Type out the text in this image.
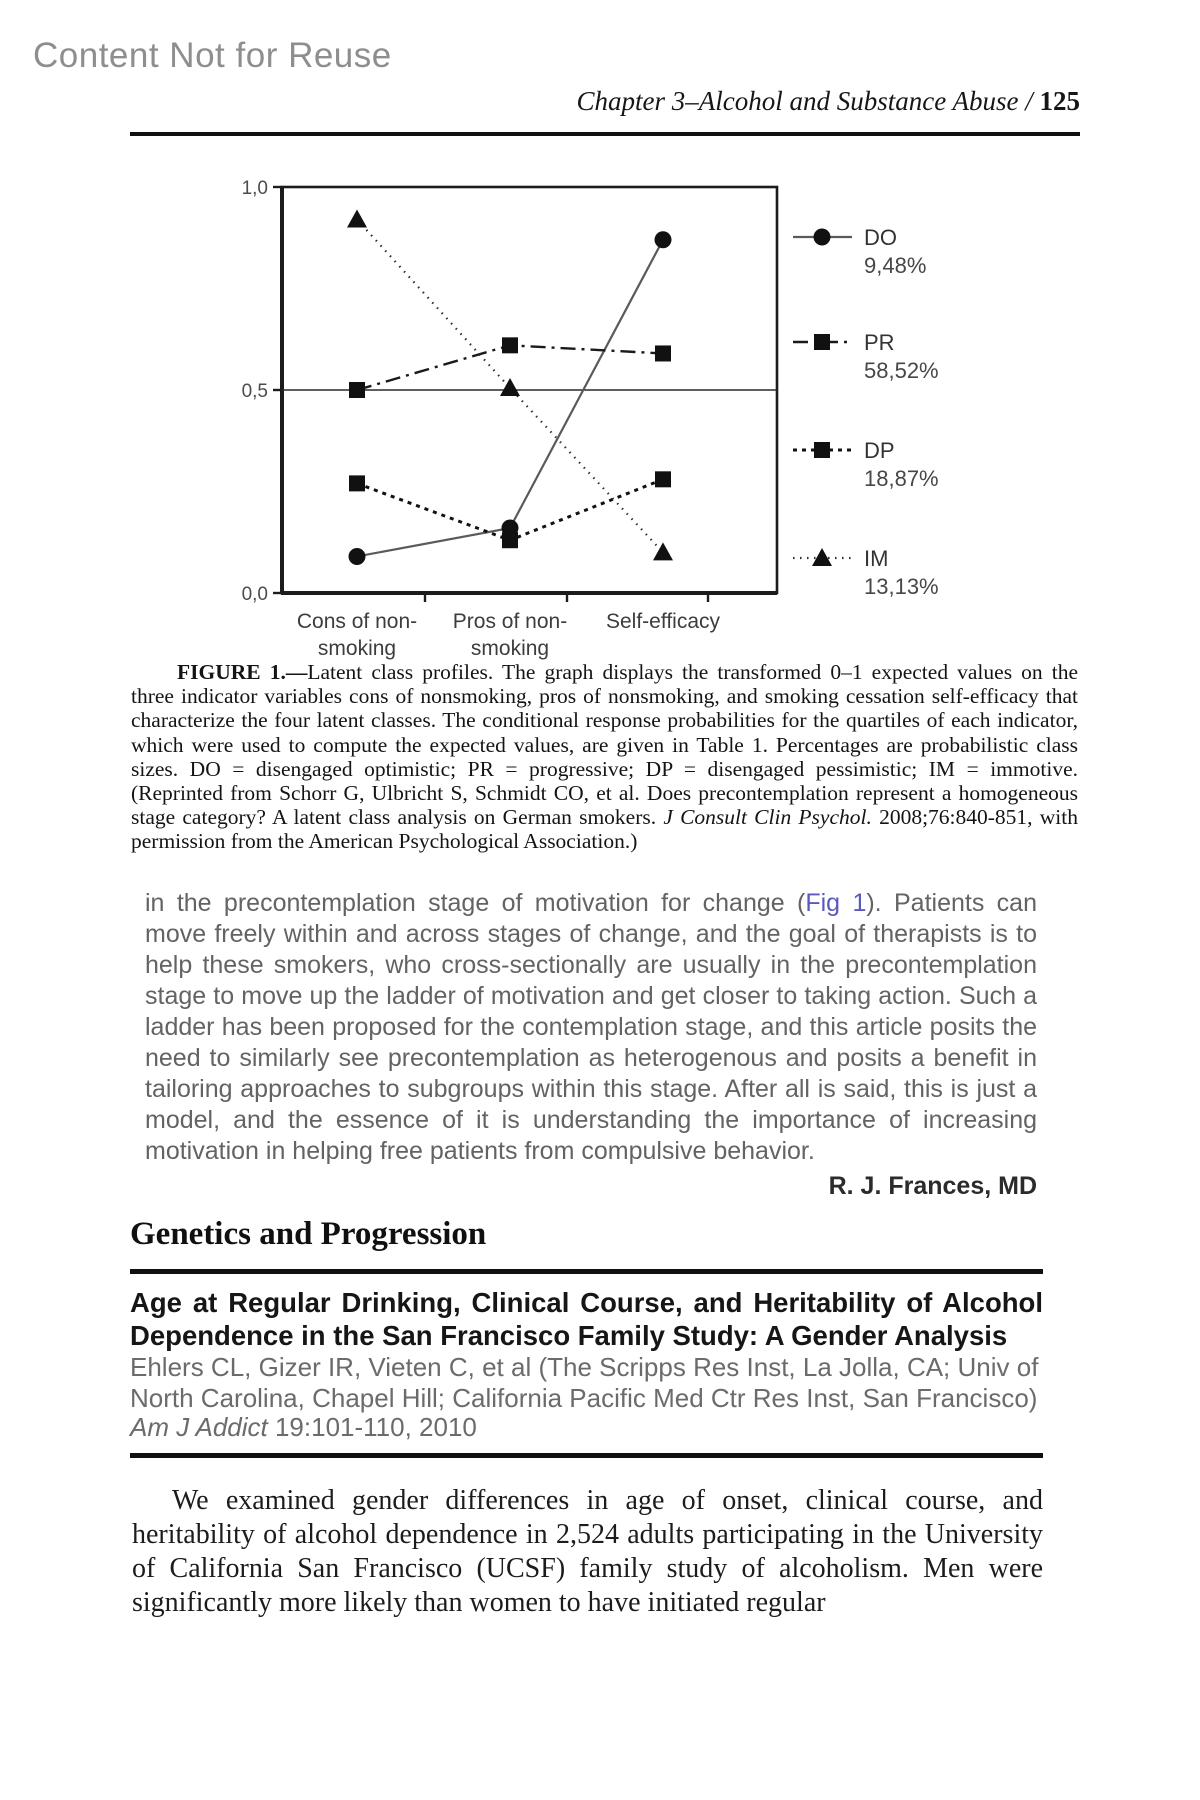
Content Not for Reuse
Chapter 3–Alcohol and Substance Abuse / 125
1,0
0,5
0,0
Cons of non-
smoking
Pros of non-
smoking
Self-efficacy
DO
9,48%
PR
58,52%
DP
18,87%
IM
13,13%
FIGURE 1.—Latent class profiles. The graph displays the transformed 0–1 expected values on the three indicator variables cons of nonsmoking, pros of nonsmoking, and smoking cessation self-efficacy that characterize the four latent classes. The conditional response probabilities for the quartiles of each indicator, which were used to compute the expected values, are given in Table 1. Percentages are probabilistic class sizes. DO = disengaged optimistic; PR = progressive; DP = disengaged pessimistic; IM = immotive. (Reprinted from Schorr G, Ulbricht S, Schmidt CO, et al. Does precontemplation represent a homogeneous stage category? A latent class analysis on German smokers. J Consult Clin Psychol. 2008;76:840-851, with permission from the American Psychological Association.)
in the precontemplation stage of motivation for change (Fig 1). Patients can move freely within and across stages of change, and the goal of therapists is to help these smokers, who cross-sectionally are usually in the precontemplation stage to move up the ladder of motivation and get closer to taking action. Such a ladder has been proposed for the contemplation stage, and this article posits the need to similarly see precontemplation as heterogenous and posits a benefit in tailoring approaches to subgroups within this stage. After all is said, this is just a model, and the essence of it is understanding the importance of increasing motivation in helping free patients from compulsive behavior.
R. J. Frances, MD
Genetics and Progression
Age at Regular Drinking, Clinical Course, and Heritability of Alcohol Dependence in the San Francisco Family Study: A Gender Analysis
Ehlers CL, Gizer IR, Vieten C, et al (The Scripps Res Inst, La Jolla, CA; Univ of North Carolina, Chapel Hill; California Pacific Med Ctr Res Inst, San Francisco)
Am J Addict 19:101-110, 2010
We examined gender differences in age of onset, clinical course, and heritability of alcohol dependence in 2,524 adults participating in the University of California San Francisco (UCSF) family study of alcoholism. Men were significantly more likely than women to have initiated regular
